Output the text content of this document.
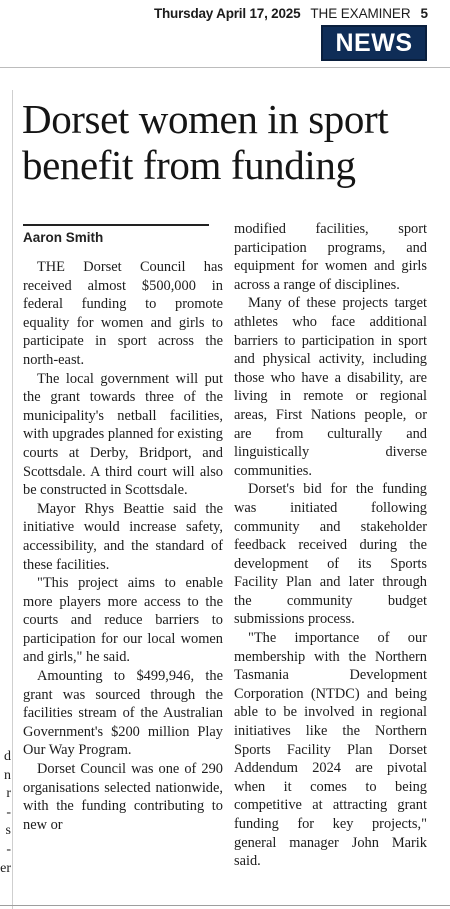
Thursday April 17, 2025 THE EXAMINER 5
NEWS
Dorset women in sport benefit from funding
Aaron Smith

THE Dorset Council has received almost $500,000 in federal funding to promote equality for women and girls to participate in sport across the north-east.

The local government will put the grant towards three of the municipality's netball facilities, with upgrades planned for existing courts at Derby, Bridport, and Scottsdale. A third court will also be constructed in Scottsdale.

Mayor Rhys Beattie said the initiative would increase safety, accessibility, and the standard of these facilities.

"This project aims to enable more players more access to the courts and reduce barriers to participation for our local women and girls," he said.

Amounting to $499,946, the grant was sourced through the facilities stream of the Australian Government's $200 million Play Our Way Program.

Dorset Council was one of 290 organisations selected nationwide, with the funding contributing to new or

modified facilities, sport participation programs, and equipment for women and girls across a range of disciplines.

Many of these projects target athletes who face additional barriers to participation in sport and physical activity, including those who have a disability, are living in remote or regional areas, First Nations people, or are from culturally and linguistically diverse communities.

Dorset's bid for the funding was initiated following community and stakeholder feedback received during the development of its Sports Facility Plan and later through the community budget submissions process.

"The importance of our membership with the Northern Tasmania Development Corporation (NTDC) and being able to be involved in regional initiatives like the Northern Sports Facility Plan Dorset Addendum 2024 are pivotal when it comes to being competitive at attracting grant funding for key projects," general manager John Marik said.

d
n
r
-
s
-
er
